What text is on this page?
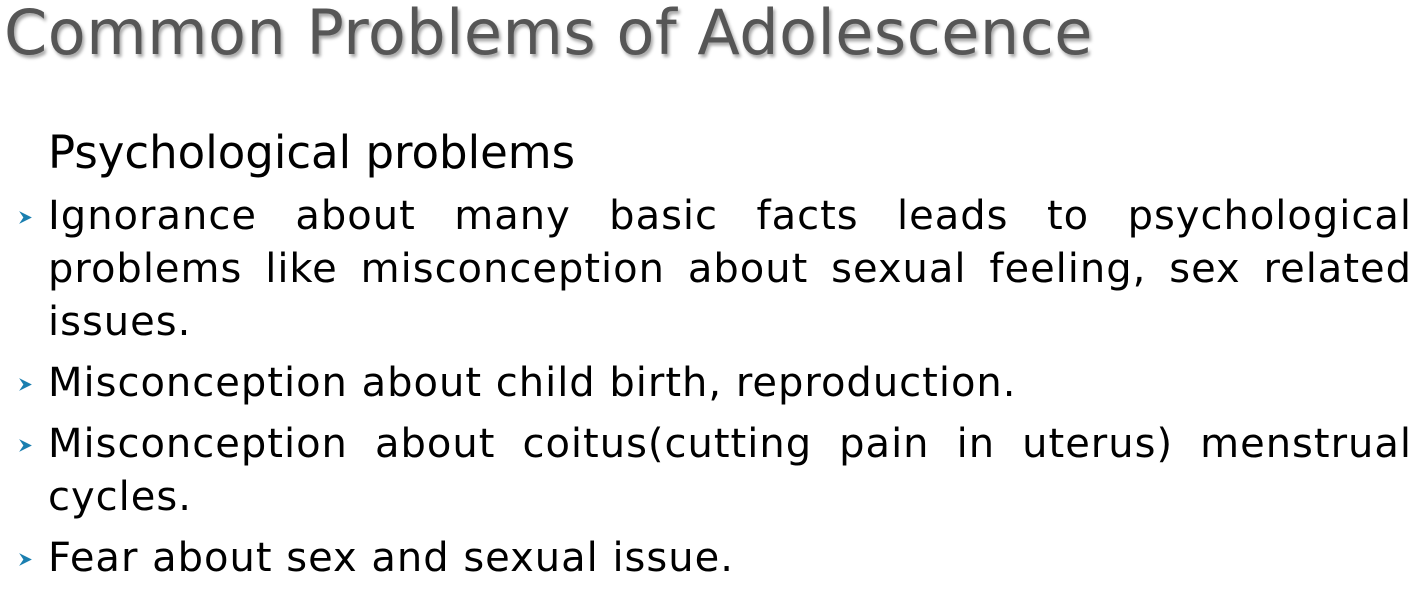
Common Problems of Adolescence
Psychological problems
Ignorance about many basic facts leads to psychological problems like misconception about sexual feeling, sex related issues.
Misconception about child birth, reproduction.
Misconception about coitus(cutting pain in uterus) menstrual cycles.
Fear about sex and sexual issue.
